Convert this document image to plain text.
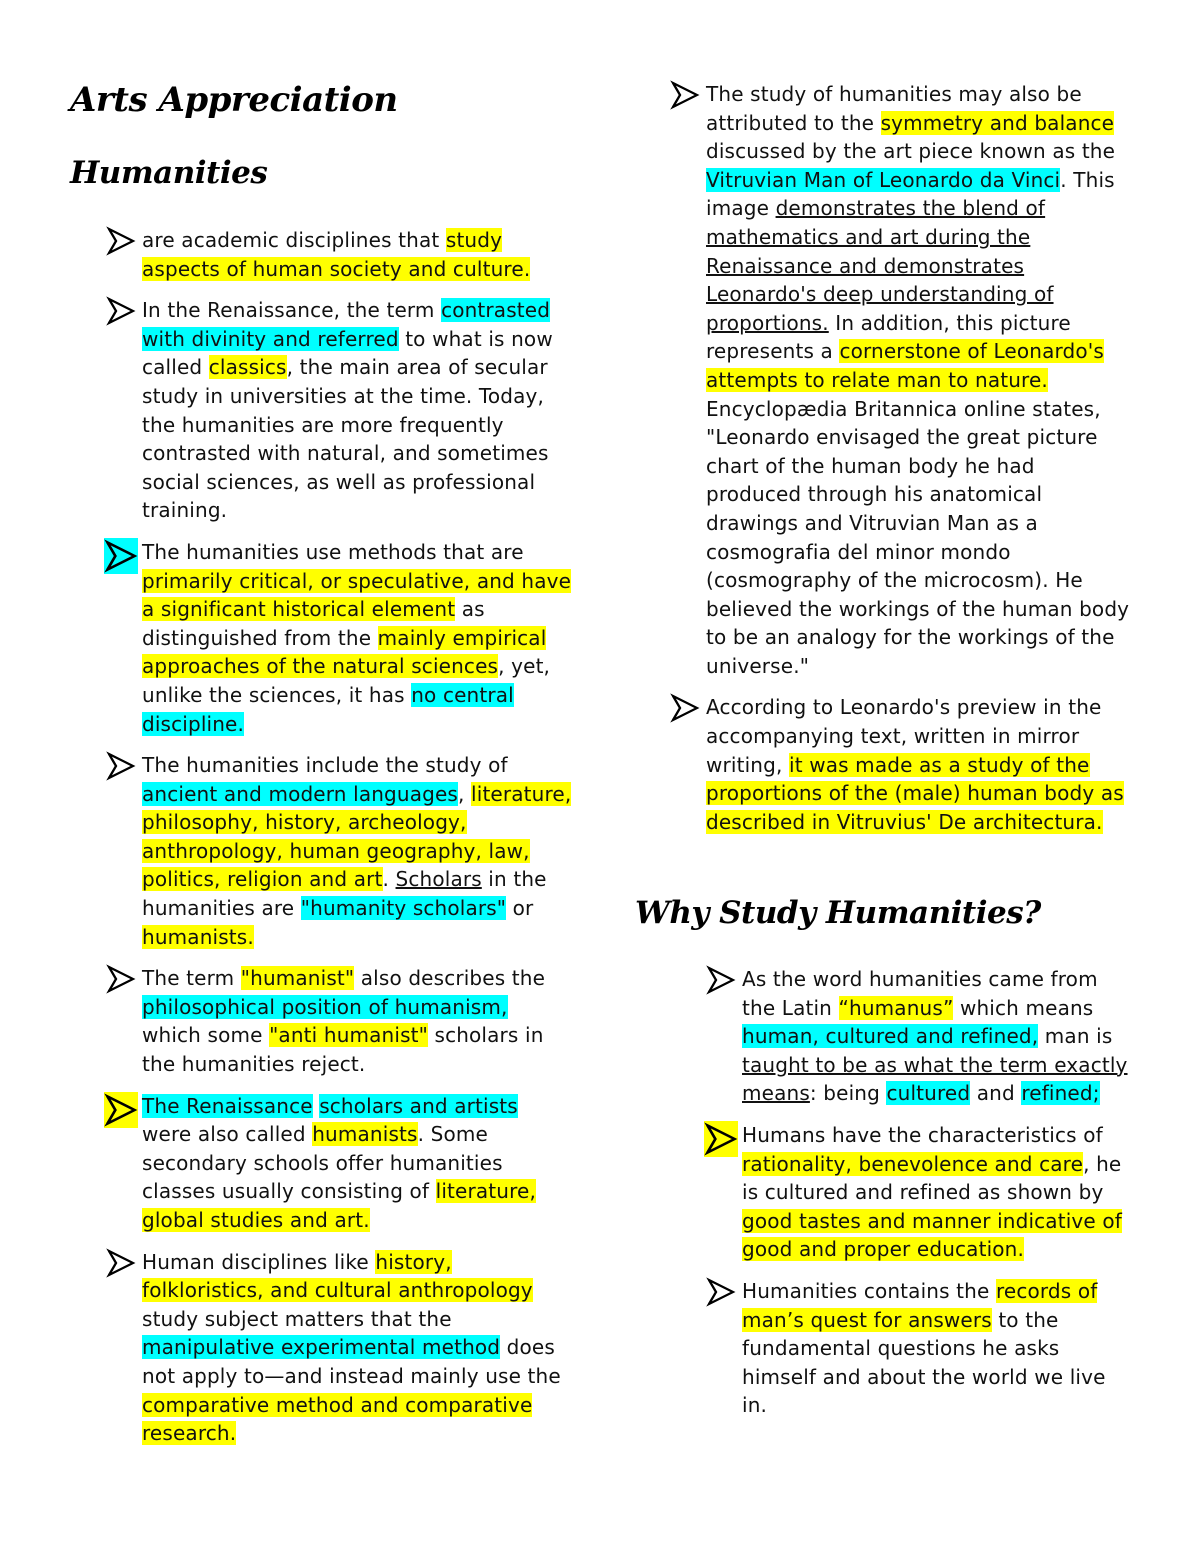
Arts Appreciation
Humanities

are academic disciplines that study aspects of human society and culture.

In the Renaissance, the term contrasted with divinity and referred to what is now called classics, the main area of secular study in universities at the time. Today, the humanities are more frequently contrasted with natural, and sometimes social sciences, as well as professional training.

The humanities use methods that are primarily critical, or speculative, and have a significant historical element as distinguished from the mainly empirical approaches of the natural sciences, yet, unlike the sciences, it has no central discipline.

The humanities include the study of ancient and modern languages, literature, philosophy, history, archeology, anthropology, human geography, law, politics, religion and art. Scholars in the humanities are "humanity scholars" or humanists.

The term "humanist" also describes the philosophical position of humanism, which some "anti humanist" scholars in the humanities reject.

The Renaissance scholars and artists were also called humanists. Some secondary schools offer humanities classes usually consisting of literature, global studies and art.

Human disciplines like history, folkloristics, and cultural anthropology study subject matters that the manipulative experimental method does not apply to—and instead mainly use the comparative method and comparative research.

The study of humanities may also be attributed to the symmetry and balance discussed by the art piece known as the Vitruvian Man of Leonardo da Vinci. This image demonstrates the blend of mathematics and art during the Renaissance and demonstrates Leonardo's deep understanding of proportions. In addition, this picture represents a cornerstone of Leonardo's attempts to relate man to nature. Encyclopædia Britannica online states, "Leonardo envisaged the great picture chart of the human body he had produced through his anatomical drawings and Vitruvian Man as a cosmografia del minor mondo (cosmography of the microcosm). He believed the workings of the human body to be an analogy for the workings of the universe."

According to Leonardo's preview in the accompanying text, written in mirror writing, it was made as a study of the proportions of the (male) human body as described in Vitruvius' De architectura.

Why Study Humanities?

As the word humanities came from the Latin “humanus” which means human, cultured and refined, man is taught to be as what the term exactly means: being cultured and refined;

Humans have the characteristics of rationality, benevolence and care, he is cultured and refined as shown by good tastes and manner indicative of good and proper education.

Humanities contains the records of man’s quest for answers to the fundamental questions he asks himself and about the world we live in.
